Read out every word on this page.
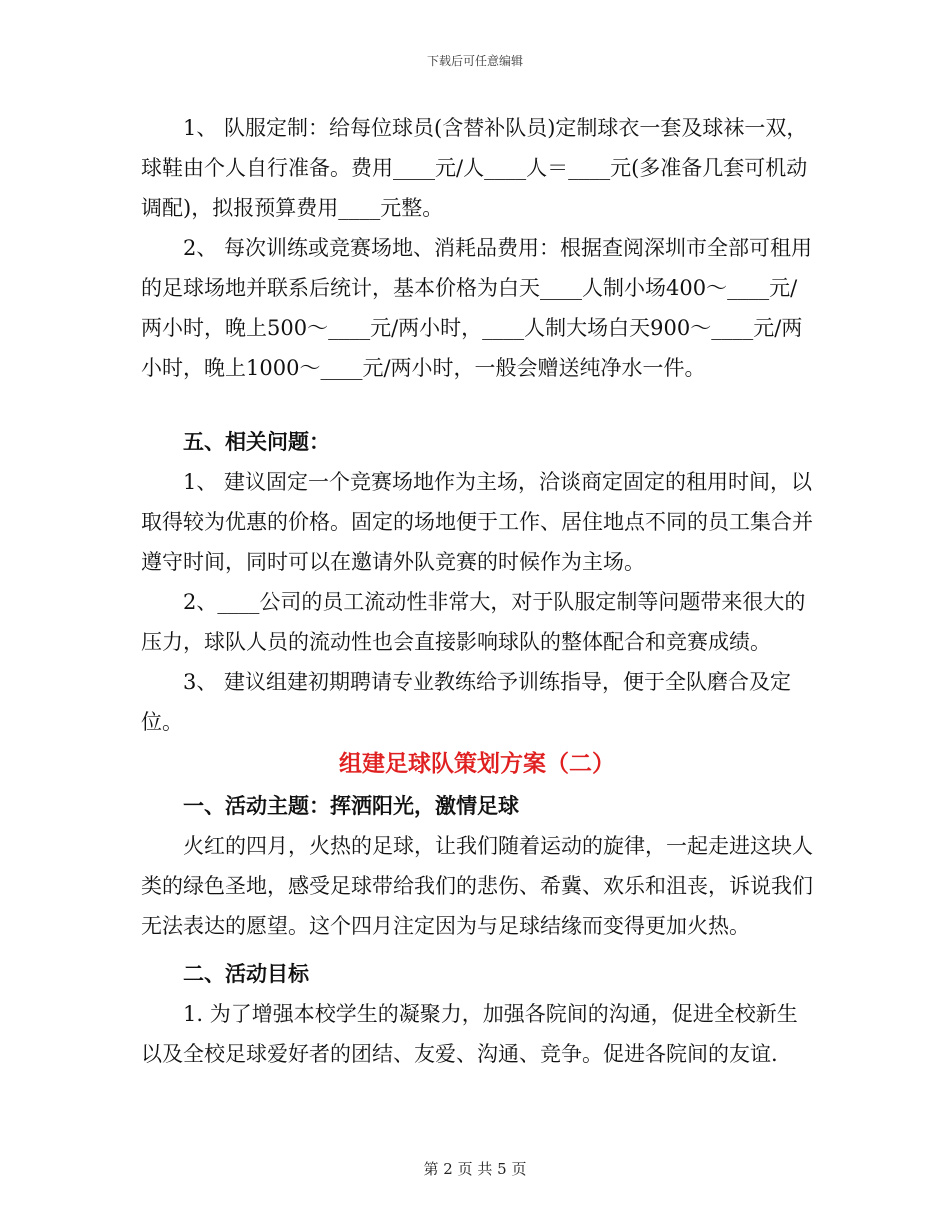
下载后可任意编辑

1、 队服定制：给每位球员(含替补队员)定制球衣一套及球袜一双，球鞋由个人自行准备。费用____元/人____人＝____元(多准备几套可机动调配)，拟报预算费用____元整。

2、 每次训练或竞赛场地、消耗品费用：根据查阅深圳市全部可租用的足球场地并联系后统计，基本价格为白天____人制小场400～____元/两小时，晚上500～____元/两小时，____人制大场白天900～____元/两小时，晚上1000～____元/两小时，一般会赠送纯净水一件。

五、相关问题：

1、 建议固定一个竞赛场地作为主场，洽谈商定固定的租用时间，以取得较为优惠的价格。固定的场地便于工作、居住地点不同的员工集合并遵守时间，同时可以在邀请外队竞赛的时候作为主场。

2、____公司的员工流动性非常大，对于队服定制等问题带来很大的压力，球队人员的流动性也会直接影响球队的整体配合和竞赛成绩。

3、 建议组建初期聘请专业教练给予训练指导，便于全队磨合及定位。

组建足球队策划方案（二）

一、活动主题：挥洒阳光，激情足球

火红的四月，火热的足球，让我们随着运动的旋律，一起走进这块人类的绿色圣地，感受足球带给我们的悲伤、希冀、欢乐和沮丧，诉说我们无法表达的愿望。这个四月注定因为与足球结缘而变得更加火热。

二、活动目标

1. 为了增强本校学生的凝聚力，加强各院间的沟通，促进全校新生以及全校足球爱好者的团结、友爱、沟通、竞争。促进各院间的友谊.

第 2 页 共 5 页
